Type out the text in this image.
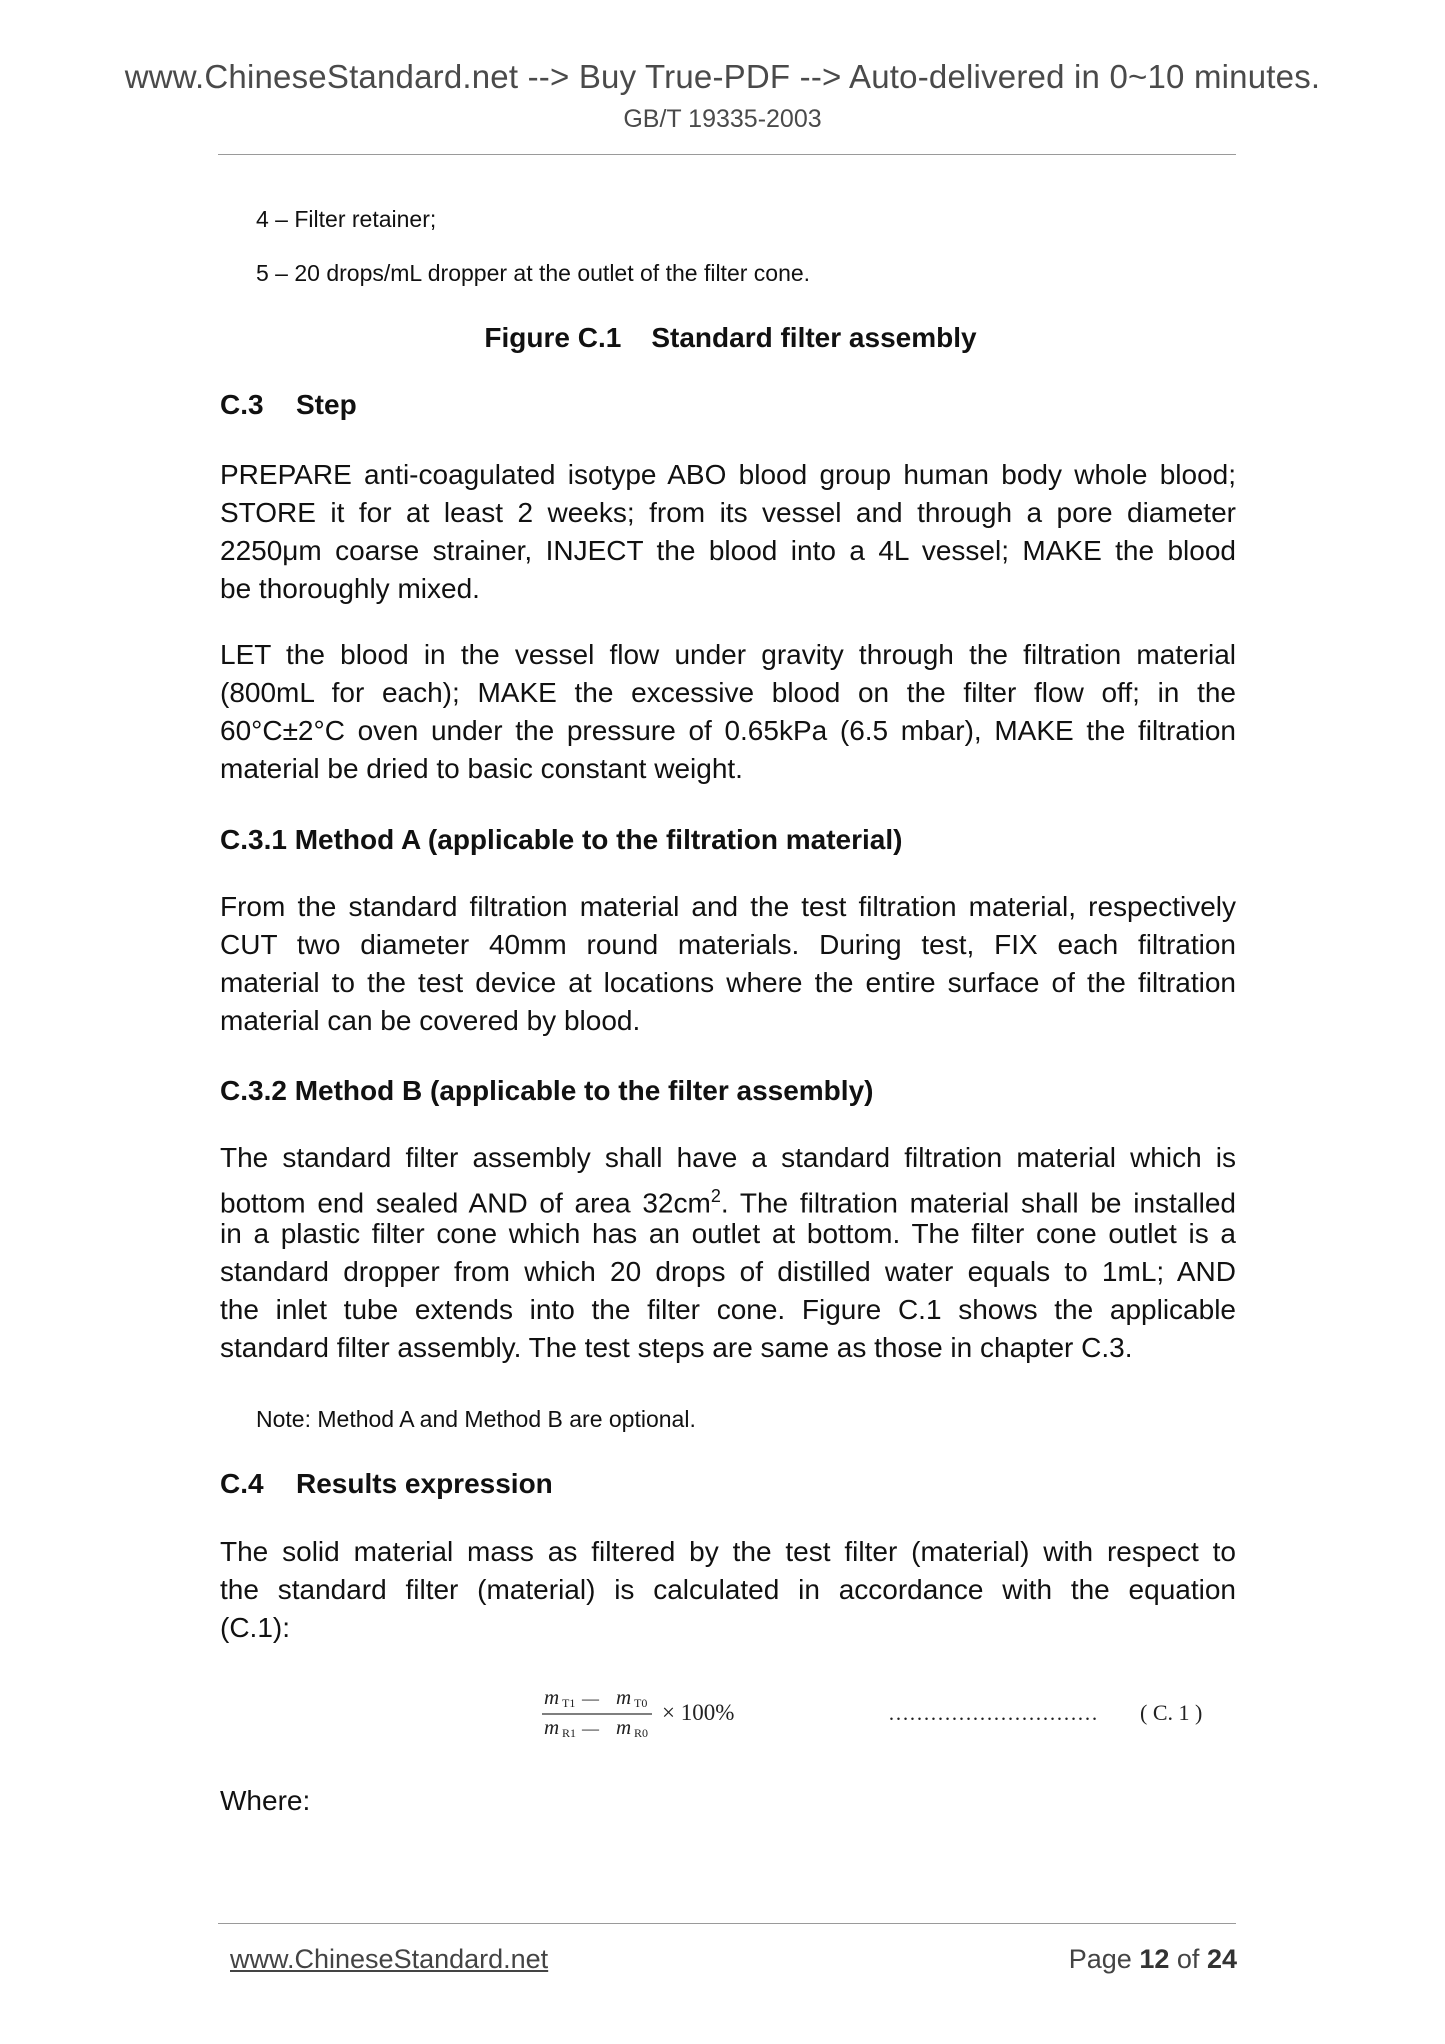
www.ChineseStandard.net --> Buy True-PDF --> Auto-delivered in 0~10 minutes.
GB/T 19335-2003
4 – Filter retainer;
5 – 20 drops/mL dropper at the outlet of the filter cone.
Figure C.1 Standard filter assembly
C.3 Step
PREPARE anti-coagulated isotype ABO blood group human body whole blood;
STORE it for at least 2 weeks; from its vessel and through a pore diameter
2250μm coarse strainer, INJECT the blood into a 4L vessel; MAKE the blood
be thoroughly mixed.
LET the blood in the vessel flow under gravity through the filtration material
(800mL for each); MAKE the excessive blood on the filter flow off; in the
60°C±2°C oven under the pressure of 0.65kPa (6.5 mbar), MAKE the filtration
material be dried to basic constant weight.
C.3.1 Method A (applicable to the filtration material)
From the standard filtration material and the test filtration material, respectively
CUT two diameter 40mm round materials. During test, FIX each filtration
material to the test device at locations where the entire surface of the filtration
material can be covered by blood.
C.3.2 Method B (applicable to the filter assembly)
The standard filter assembly shall have a standard filtration material which is
bottom end sealed AND of area $32cm^2$. The filtration material shall be installed
in a plastic filter cone which has an outlet at bottom. The filter cone outlet is a
standard dropper from which 20 drops of distilled water equals to 1mL; AND
the inlet tube extends into the filter cone. Figure C.1 shows the applicable
standard filter assembly. The test steps are same as those in chapter C.3.
Note: Method A and Method B are optional.
C.4 Results expression
The solid material mass as filtered by the test filter (material) with respect to
the standard filter (material) is calculated in accordance with the equation
(C.1):
m T1 — m T0
m R1 — m R0
× 100%	………………………… ( C. 1 )
Where:
www.ChineseStandard.net	Page 12 of 24
